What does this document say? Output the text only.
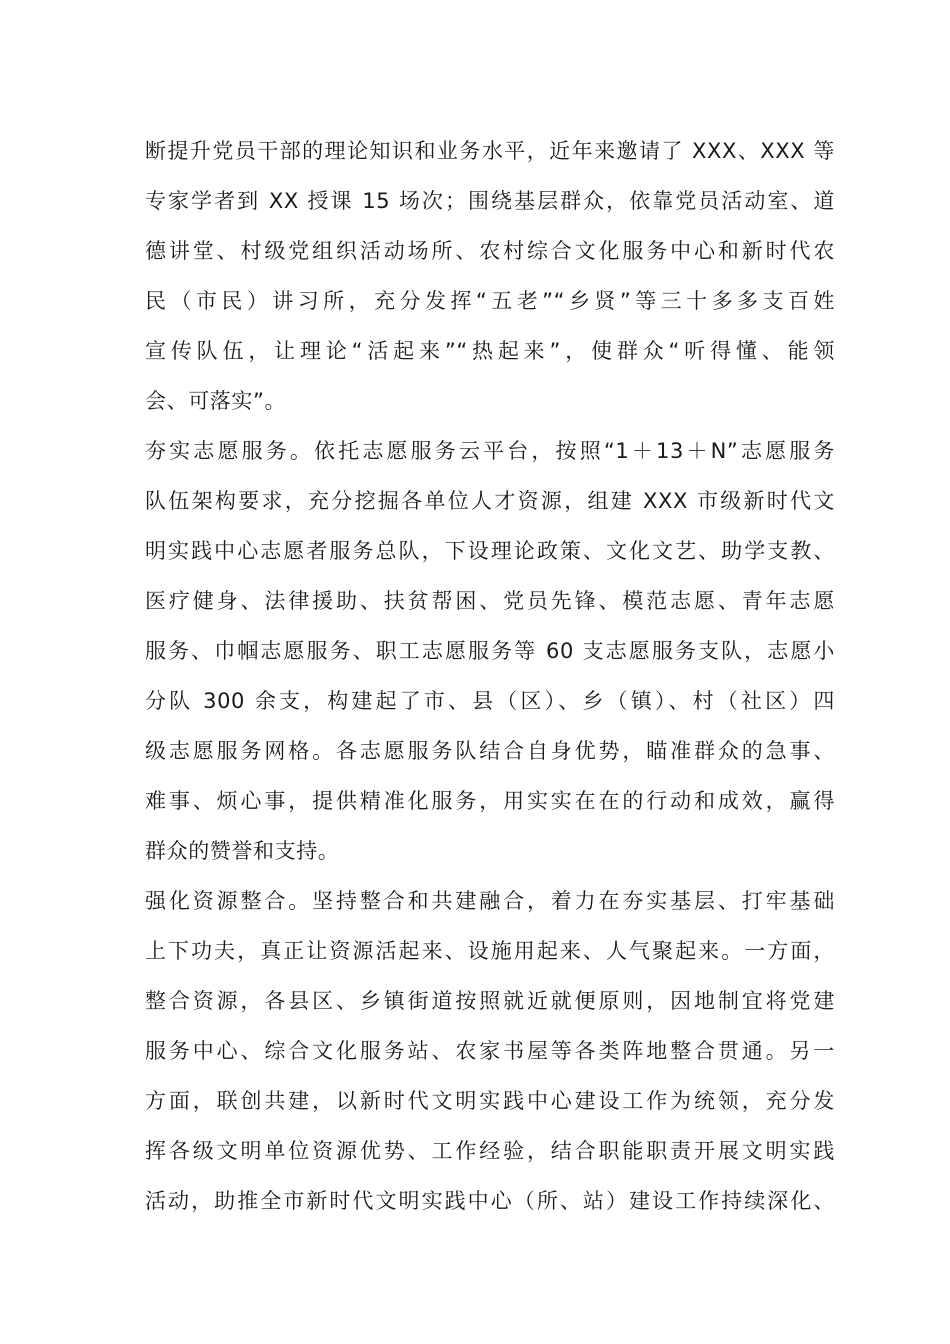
断提升党员干部的理论知识和业务水平，近年来邀请了 XXX、XXX 等
专家学者到 XX 授课 15 场次；围绕基层群众，依靠党员活动室、道
德讲堂、村级党组织活动场所、农村综合文化服务中心和新时代农
民（市民）讲习所，充分发挥“五老”“乡贤”等三十多多支百姓
宣传队伍，让理论“活起来”“热起来”，使群众“听得懂、能领
会、可落实”。
夯实志愿服务。依托志愿服务云平台，按照“1＋13＋N”志愿服务
队伍架构要求，充分挖掘各单位人才资源，组建 XXX 市级新时代文
明实践中心志愿者服务总队，下设理论政策、文化文艺、助学支教、
医疗健身、法律援助、扶贫帮困、党员先锋、模范志愿、青年志愿
服务、巾帼志愿服务、职工志愿服务等 60 支志愿服务支队，志愿小
分队 300 余支，构建起了市、县（区）、乡（镇）、村（社区）四
级志愿服务网格。各志愿服务队结合自身优势，瞄准群众的急事、
难事、烦心事，提供精准化服务，用实实在在的行动和成效，赢得
群众的赞誉和支持。
强化资源整合。坚持整合和共建融合，着力在夯实基层、打牢基础
上下功夫，真正让资源活起来、设施用起来、人气聚起来。一方面，
整合资源，各县区、乡镇街道按照就近就便原则，因地制宜将党建
服务中心、综合文化服务站、农家书屋等各类阵地整合贯通。另一
方面，联创共建，以新时代文明实践中心建设工作为统领，充分发
挥各级文明单位资源优势、工作经验，结合职能职责开展文明实践
活动，助推全市新时代文明实践中心（所、站）建设工作持续深化、
